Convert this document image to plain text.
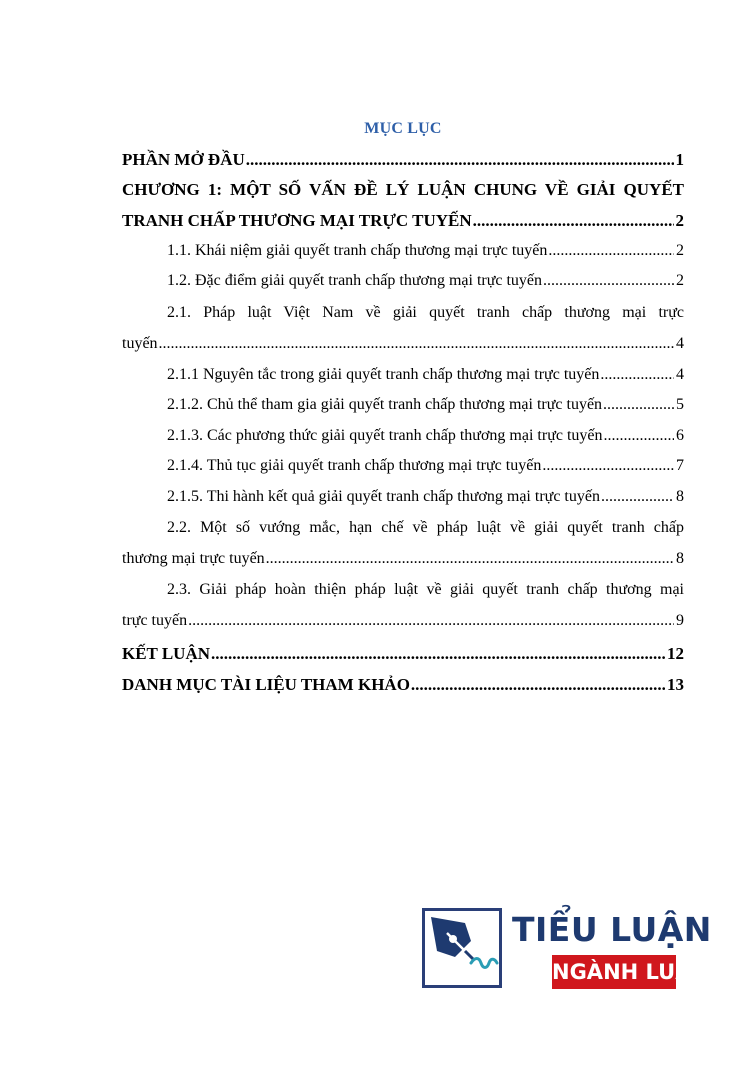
MỤC LỤC
PHẦN MỞ ĐẦU .....	1
CHƯƠNG 1: MỘT SỐ VẤN ĐỀ LÝ LUẬN CHUNG VỀ GIẢI QUYẾT
TRANH CHẤP THƯƠNG MẠI TRỰC TUYẾN .....	2
1.1. Khái niệm giải quyết tranh chấp thương mại trực tuyến .....	2
1.2. Đặc điểm giải quyết tranh chấp thương mại trực tuyến .....	2
2.1. Pháp luật Việt Nam về giải quyết tranh chấp thương mại trực
tuyến .....	4
2.1.1 Nguyên tắc trong giải quyết tranh chấp thương mại trực tuyến .....	4
2.1.2. Chủ thể tham gia giải quyết tranh chấp thương mại trực tuyến .....	5
2.1.3. Các phương thức giải quyết tranh chấp thương mại trực tuyến .....	6
2.1.4. Thủ tục giải quyết tranh chấp thương mại trực tuyến .....	7
2.1.5. Thi hành kết quả giải quyết tranh chấp thương mại trực tuyến .....	8
2.2. Một số vướng mắc, hạn chế về pháp luật về giải quyết tranh chấp
thương mại trực tuyến .....	8
2.3. Giải pháp hoàn thiện pháp luật về giải quyết tranh chấp thương mại
trực tuyến .....	9
KẾT LUẬN .....	12
DANH MỤC TÀI LIỆU THAM KHẢO .....	13
TIỂU LUẬN
NGÀNH LUẬT
